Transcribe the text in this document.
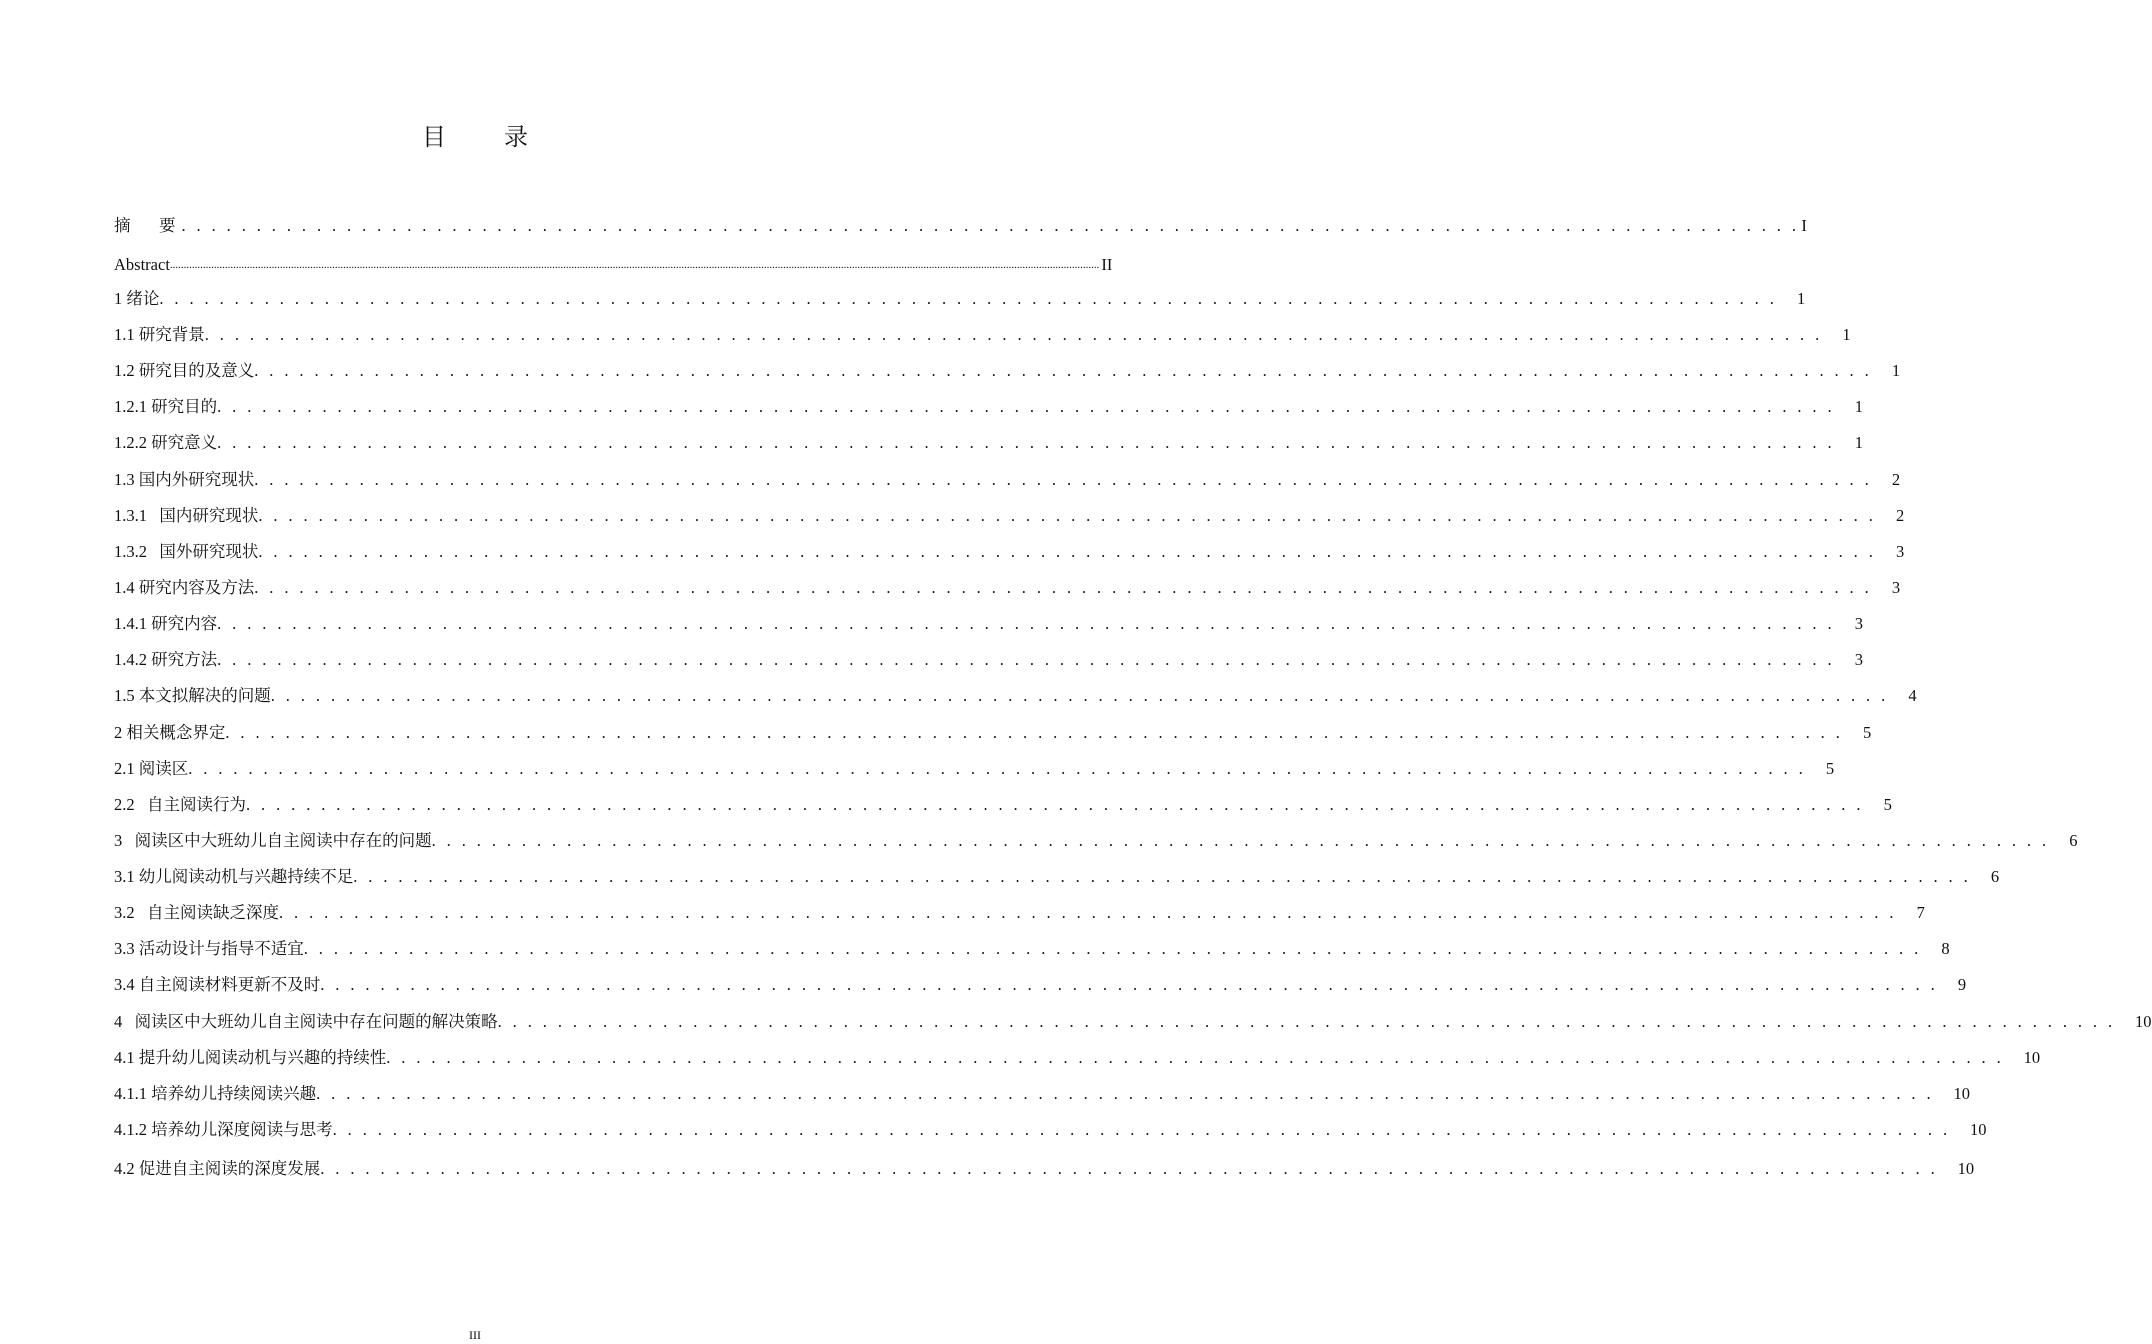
目 录
摘　要 . . . . . . . . . . . . . . . . . . . . . . . . . . . . . . . . . . . . . . . . . . . . . . . . . . . . . . . . . . . . . . . . . . . . . . . . . . . . . . . . . . . . . . . . . . . . . . . . . . . . . . . . . . . . I
Abstract .................................................................................................................................................................................................................................................................................................................................................. II
1 绪论 . . . . . . . . . . . . . . . . . . . . . . . . . . . . . . . . . . . . . . . . . . . . . . . . . . . . . . . . . . . . . . . . . . . . . . . . . . . . . . . . . . . . . . . . . . . . . . . . . . . . . . . . . . . .	1
1.1 研究背景 . . . . . . . . . . . . . . . . . . . . . . . . . . . . . . . . . . . . . . . . . . . . . . . . . . . . . . . . . . . . . . . . . . . . . . . . . . . . . . . . . . . . . . . . . . . . . . . . . . . . . . . . . . . .	1
1.2 研究目的及意义 . . . . . . . . . . . . . . . . . . . . . . . . . . . . . . . . . . . . . . . . . . . . . . . . . . . . . . . . . . . . . . . . . . . . . . . . . . . . . . . . . . . . . . . . . . . . . . . . . . . . . . . . . . . .	1
1.2.1 研究目的 . . . . . . . . . . . . . . . . . . . . . . . . . . . . . . . . . . . . . . . . . . . . . . . . . . . . . . . . . . . . . . . . . . . . . . . . . . . . . . . . . . . . . . . . . . . . . . . . . . . . . . . . . . . .	1
1.2.2 研究意义 . . . . . . . . . . . . . . . . . . . . . . . . . . . . . . . . . . . . . . . . . . . . . . . . . . . . . . . . . . . . . . . . . . . . . . . . . . . . . . . . . . . . . . . . . . . . . . . . . . . . . . . . . . . .	1
1.3 国内外研究现状 . . . . . . . . . . . . . . . . . . . . . . . . . . . . . . . . . . . . . . . . . . . . . . . . . . . . . . . . . . . . . . . . . . . . . . . . . . . . . . . . . . . . . . . . . . . . . . . . . . . . . . . . . . . .	2
1.3.1   国内研究现状 . . . . . . . . . . . . . . . . . . . . . . . . . . . . . . . . . . . . . . . . . . . . . . . . . . . . . . . . . . . . . . . . . . . . . . . . . . . . . . . . . . . . . . . . . . . . . . . . . . . . . . . . . . . .	2
1.3.2   国外研究现状 . . . . . . . . . . . . . . . . . . . . . . . . . . . . . . . . . . . . . . . . . . . . . . . . . . . . . . . . . . . . . . . . . . . . . . . . . . . . . . . . . . . . . . . . . . . . . . . . . . . . . . . . . . . .	3
1.4 研究内容及方法 . . . . . . . . . . . . . . . . . . . . . . . . . . . . . . . . . . . . . . . . . . . . . . . . . . . . . . . . . . . . . . . . . . . . . . . . . . . . . . . . . . . . . . . . . . . . . . . . . . . . . . . . . . . .	3
1.4.1 研究内容 . . . . . . . . . . . . . . . . . . . . . . . . . . . . . . . . . . . . . . . . . . . . . . . . . . . . . . . . . . . . . . . . . . . . . . . . . . . . . . . . . . . . . . . . . . . . . . . . . . . . . . . . . . . .	3
1.4.2 研究方法 . . . . . . . . . . . . . . . . . . . . . . . . . . . . . . . . . . . . . . . . . . . . . . . . . . . . . . . . . . . . . . . . . . . . . . . . . . . . . . . . . . . . . . . . . . . . . . . . . . . . . . . . . . . .	3
1.5 本文拟解决的问题 . . . . . . . . . . . . . . . . . . . . . . . . . . . . . . . . . . . . . . . . . . . . . . . . . . . . . . . . . . . . . . . . . . . . . . . . . . . . . . . . . . . . . . . . . . . . . . . . . . . . . . . . . . . .	4
2 相关概念界定 . . . . . . . . . . . . . . . . . . . . . . . . . . . . . . . . . . . . . . . . . . . . . . . . . . . . . . . . . . . . . . . . . . . . . . . . . . . . . . . . . . . . . . . . . . . . . . . . . . . . . . . . . . . .	5
2.1 阅读区 . . . . . . . . . . . . . . . . . . . . . . . . . . . . . . . . . . . . . . . . . . . . . . . . . . . . . . . . . . . . . . . . . . . . . . . . . . . . . . . . . . . . . . . . . . . . . . . . . . . . . . . . . . . .	5
2.2   自主阅读行为 . . . . . . . . . . . . . . . . . . . . . . . . . . . . . . . . . . . . . . . . . . . . . . . . . . . . . . . . . . . . . . . . . . . . . . . . . . . . . . . . . . . . . . . . . . . . . . . . . . . . . . . . . . . .	5
3   阅读区中大班幼儿自主阅读中存在的问题 . . . . . . . . . . . . . . . . . . . . . . . . . . . . . . . . . . . . . . . . . . . . . . . . . . . . . . . . . . . . . . . . . . . . . . . . . . . . . . . . . . . . . . . . . . . . . . . . . . . . . . . . . . . .	6
3.1 幼儿阅读动机与兴趣持续不足 . . . . . . . . . . . . . . . . . . . . . . . . . . . . . . . . . . . . . . . . . . . . . . . . . . . . . . . . . . . . . . . . . . . . . . . . . . . . . . . . . . . . . . . . . . . . . . . . . . . . . . . . . . . .	6
3.2   自主阅读缺乏深度 . . . . . . . . . . . . . . . . . . . . . . . . . . . . . . . . . . . . . . . . . . . . . . . . . . . . . . . . . . . . . . . . . . . . . . . . . . . . . . . . . . . . . . . . . . . . . . . . . . . . . . . . . . . .	7
3.3 活动设计与指导不适宜 . . . . . . . . . . . . . . . . . . . . . . . . . . . . . . . . . . . . . . . . . . . . . . . . . . . . . . . . . . . . . . . . . . . . . . . . . . . . . . . . . . . . . . . . . . . . . . . . . . . . . . . . . . . .	8
3.4 自主阅读材料更新不及时 . . . . . . . . . . . . . . . . . . . . . . . . . . . . . . . . . . . . . . . . . . . . . . . . . . . . . . . . . . . . . . . . . . . . . . . . . . . . . . . . . . . . . . . . . . . . . . . . . . . . . . . . . . . .	9
4   阅读区中大班幼儿自主阅读中存在问题的解决策略 . . . . . . . . . . . . . . . . . . . . . . . . . . . . . . . . . . . . . . . . . . . . . . . . . . . . . . . . . . . . . . . . . . . . . . . . . . . . . . . . . . . . . . . . . . . . . . . . . . . . . . . . . . . .	10
4.1 提升幼儿阅读动机与兴趣的持续性 . . . . . . . . . . . . . . . . . . . . . . . . . . . . . . . . . . . . . . . . . . . . . . . . . . . . . . . . . . . . . . . . . . . . . . . . . . . . . . . . . . . . . . . . . . . . . . . . . . . . . . . . . . . .	10
4.1.1 培养幼儿持续阅读兴趣 . . . . . . . . . . . . . . . . . . . . . . . . . . . . . . . . . . . . . . . . . . . . . . . . . . . . . . . . . . . . . . . . . . . . . . . . . . . . . . . . . . . . . . . . . . . . . . . . . . . . . . . . . . . .	10
4.1.2 培养幼儿深度阅读与思考 . . . . . . . . . . . . . . . . . . . . . . . . . . . . . . . . . . . . . . . . . . . . . . . . . . . . . . . . . . . . . . . . . . . . . . . . . . . . . . . . . . . . . . . . . . . . . . . . . . . . . . . . . . . .	10
4.2 促进自主阅读的深度发展 . . . . . . . . . . . . . . . . . . . . . . . . . . . . . . . . . . . . . . . . . . . . . . . . . . . . . . . . . . . . . . . . . . . . . . . . . . . . . . . . . . . . . . . . . . . . . . . . . . . . . . . . . . . .	10
III
